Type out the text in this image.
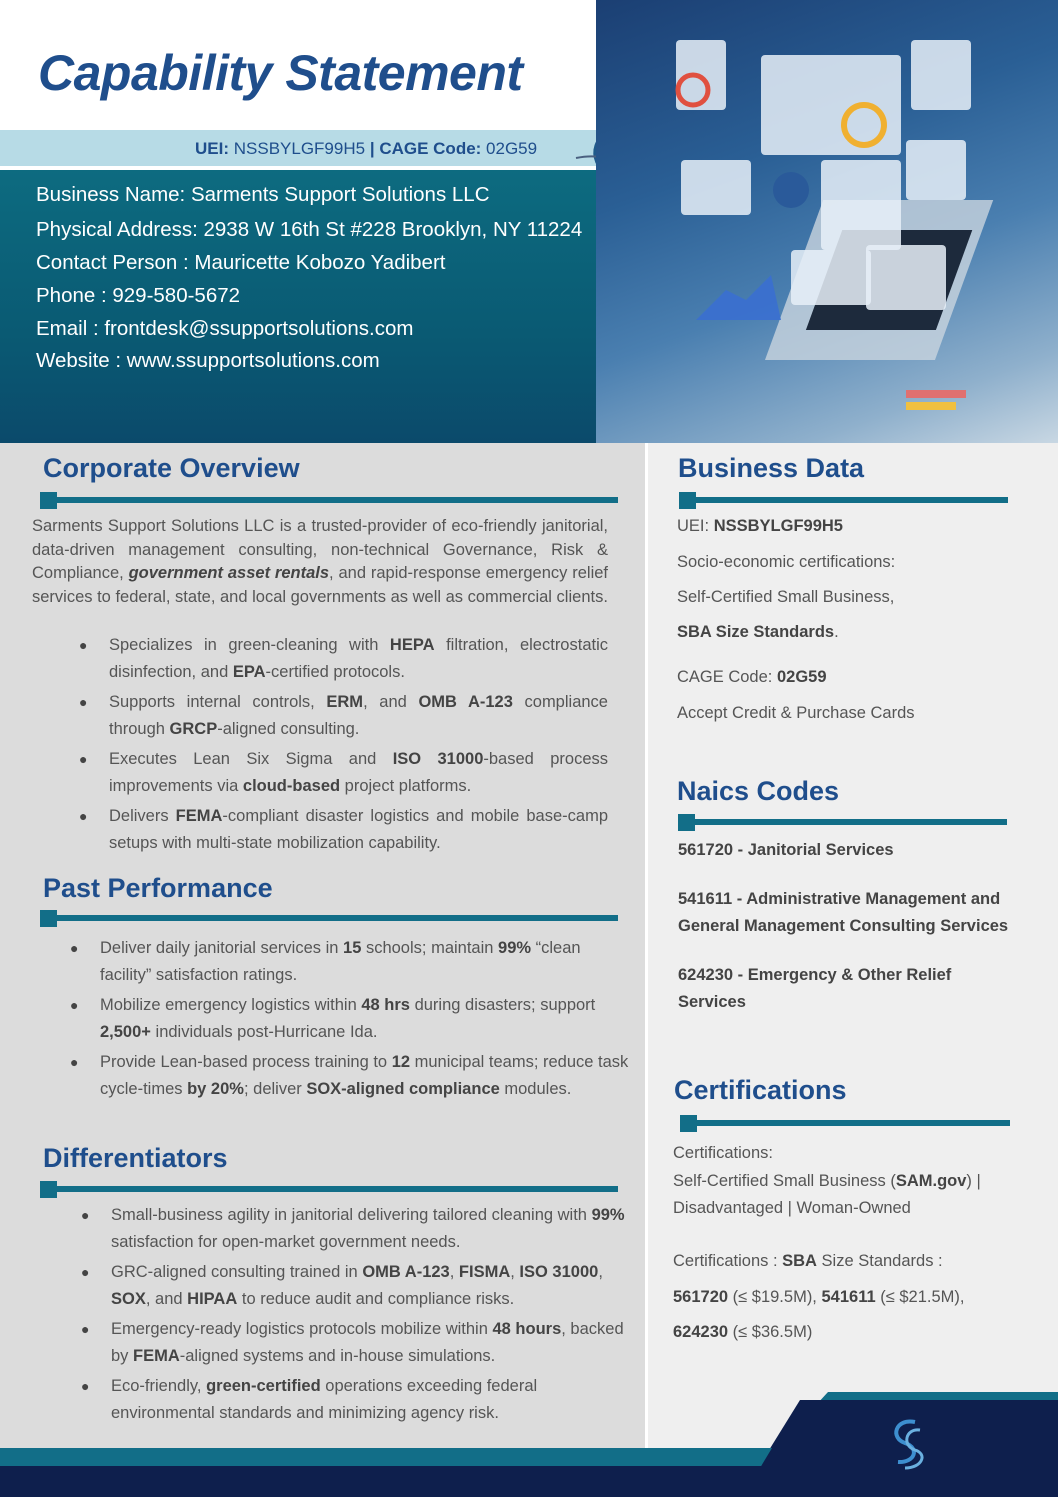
Capability Statement
UEI: NSSBYLGF99H5 | CAGE Code: 02G59
Business Name: Sarments Support Solutions LLC
Physical Address: 2938 W 16th St #228 Brooklyn, NY 11224
Contact Person : Mauricette Kobozo Yadibert
Phone : 929-580-5672
Email : frontdesk@ssupportsolutions.com
Website : www.ssupportsolutions.com
Corporate Overview
Sarments Support Solutions LLC is a trusted-provider of eco-friendly janitorial, data-driven management consulting, non-technical Governance, Risk & Compliance, government asset rentals, and rapid-response emergency relief services to federal, state, and local governments as well as commercial clients.
● Specializes in green-cleaning with HEPA filtration, electrostatic disinfection, and EPA-certified protocols.
● Supports internal controls, ERM, and OMB A-123 compliance through GRCP-aligned consulting.
● Executes Lean Six Sigma and ISO 31000-based process improvements via cloud-based project platforms.
● Delivers FEMA-compliant disaster logistics and mobile base-camp setups with multi-state mobilization capability.
Past Performance
● Deliver daily janitorial services in 15 schools; maintain 99% “clean facility” satisfaction ratings.
● Mobilize emergency logistics within 48 hrs during disasters; support 2,500+ individuals post-Hurricane Ida.
● Provide Lean-based process training to 12 municipal teams; reduce task cycle-times by 20%; deliver SOX-aligned compliance modules.
Differentiators
● Small-business agility in janitorial delivering tailored cleaning with 99% satisfaction for open-market government needs.
● GRC-aligned consulting trained in OMB A-123, FISMA, ISO 31000, SOX, and HIPAA to reduce audit and compliance risks.
● Emergency-ready logistics protocols mobilize within 48 hours, backed by FEMA-aligned systems and in-house simulations.
● Eco-friendly, green-certified operations exceeding federal environmental standards and minimizing agency risk.
Business Data
UEI: NSSBYLGF99H5
Socio-economic certifications:
Self-Certified Small Business,
SBA Size Standards.
CAGE Code: 02G59
Accept Credit & Purchase Cards
Naics Codes
561720 - Janitorial Services
541611 - Administrative Management and General Management Consulting Services
624230 - Emergency & Other Relief Services
Certifications
Certifications:
Self-Certified Small Business (SAM.gov) |
Disadvantaged | Woman-Owned
Certifications : SBA Size Standards :
561720 (≤ $19.5M), 541611 (≤ $21.5M),
624230 (≤ $36.5M)
